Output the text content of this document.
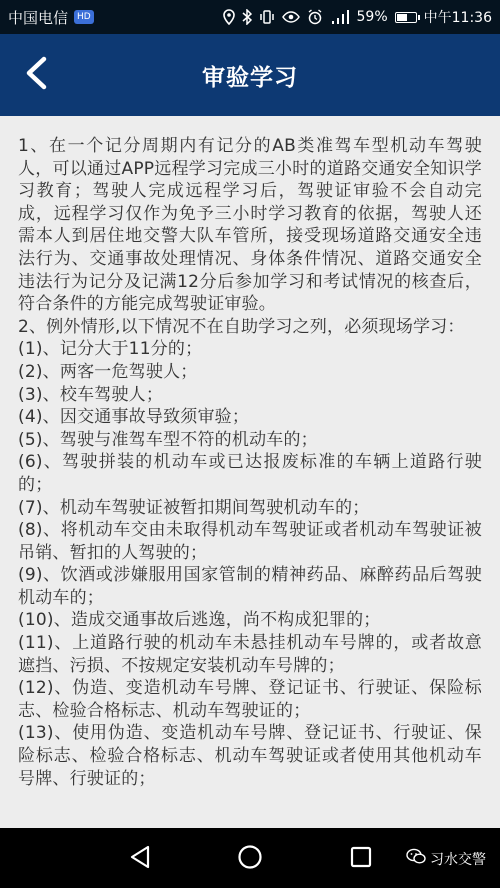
中国电信	HD	59%	中午11:36
审验学习

1、在一个记分周期内有记分的AB类准驾车型机动车驾驶人，可以通过APP远程学习完成三小时的道路交通安全知识学习教育；驾驶人完成远程学习后，驾驶证审验不会自动完成，远程学习仅作为免予三小时学习教育的依据，驾驶人还需本人到居住地交警大队车管所，接受现场道路交通安全违法行为、交通事故处理情况、身体条件情况、道路交通安全违法行为记分及记满12分后参加学习和考试情况的核查后，符合条件的方能完成驾驶证审验。

2、例外情形,以下情况不在自助学习之列，必须现场学习：

(1)、记分大于11分的；

(2)、两客一危驾驶人；

(3)、校车驾驶人；

(4)、因交通事故导致须审验；

(5)、驾驶与准驾车型不符的机动车的；

(6)、驾驶拼装的机动车或已达报废标准的车辆上道路行驶的；

(7)、机动车驾驶证被暂扣期间驾驶机动车的；

(8)、将机动车交由未取得机动车驾驶证或者机动车驾驶证被吊销、暂扣的人驾驶的；

(9)、饮酒或涉嫌服用国家管制的精神药品、麻醉药品后驾驶机动车的；

(10)、造成交通事故后逃逸，尚不构成犯罪的；

(11)、上道路行驶的机动车未悬挂机动车号牌的，或者故意遮挡、污损、不按规定安装机动车号牌的；

(12)、伪造、变造机动车号牌、登记证书、行驶证、保险标志、检验合格标志、机动车驾驶证的；

(13)、使用伪造、变造机动车号牌、登记证书、行驶证、保险标志、检验合格标志、机动车驾驶证或者使用其他机动车号牌、行驶证的；

习水交警
